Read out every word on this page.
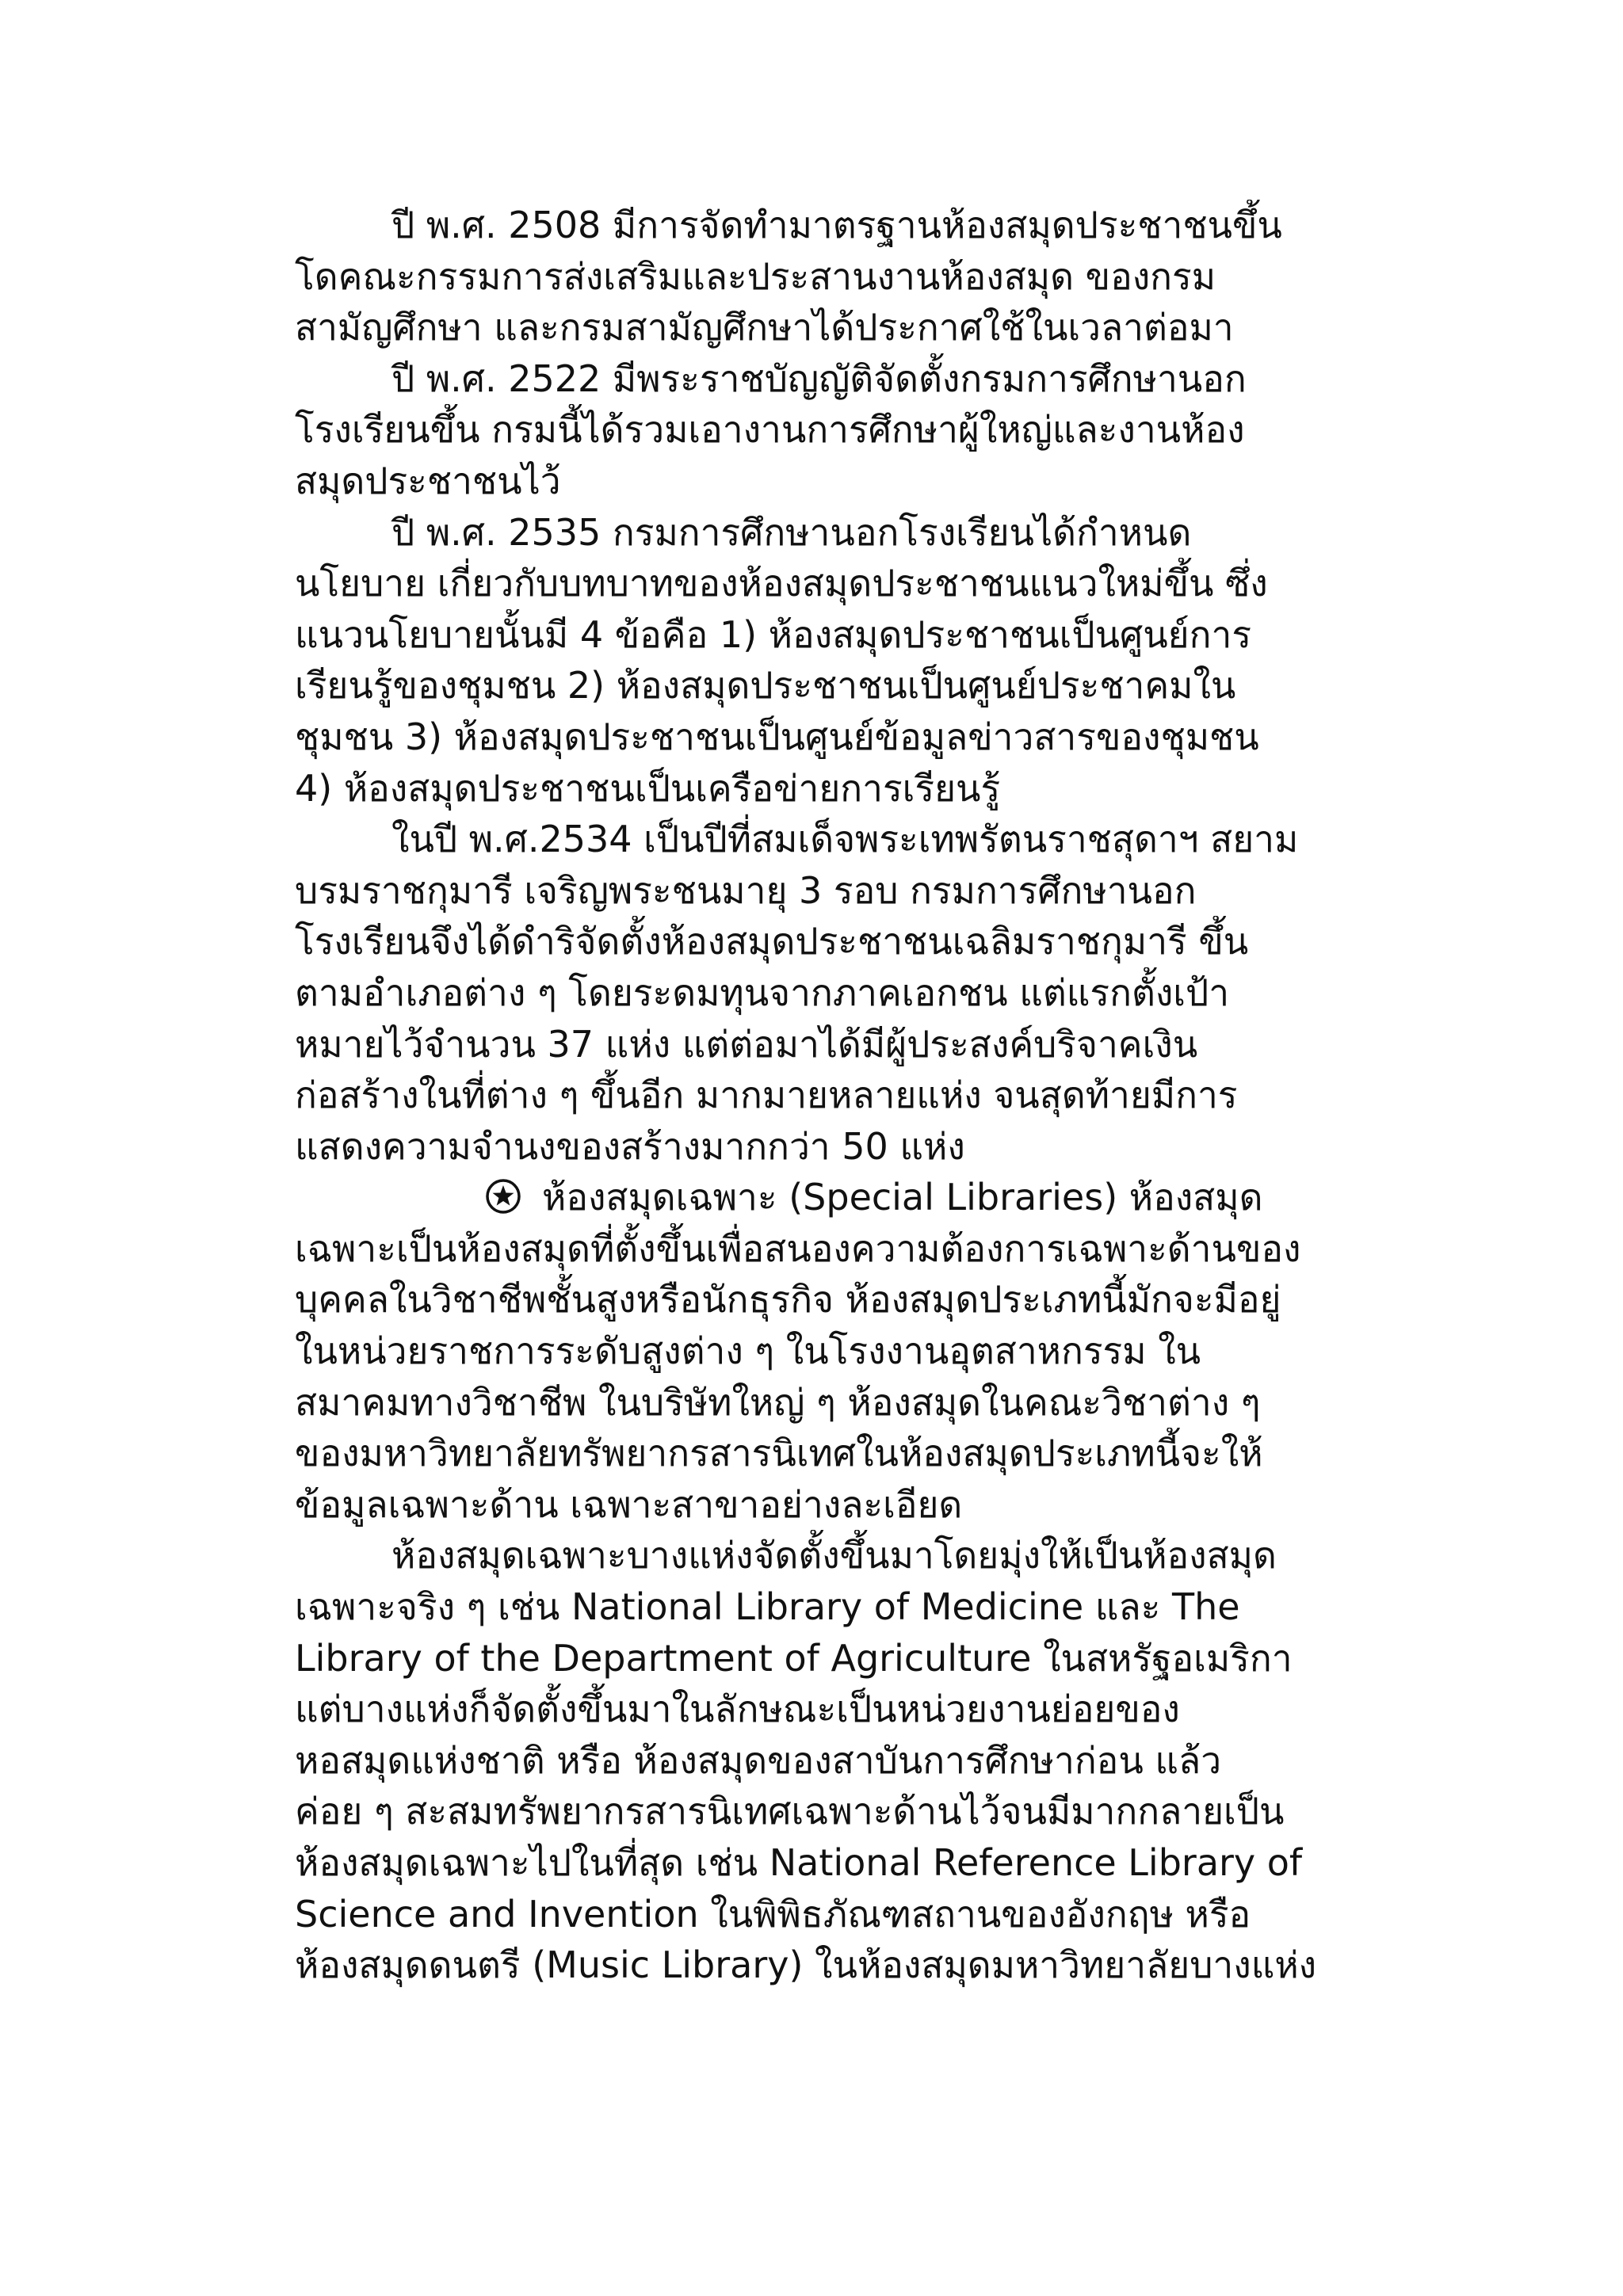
ปี พ.ศ. 2508 มีการจัดทำมาตรฐานห้องสมุดประชาชนขึ้น
โดคณะกรรมการส่งเสริมและประสานงานห้องสมุด ของกรม
สามัญศึกษา และกรมสามัญศึกษาได้ประกาศใช้ในเวลาต่อมา
ปี พ.ศ. 2522 มีพระราชบัญญัติจัดตั้งกรมการศึกษานอก
โรงเรียนขึ้น กรมนี้ได้รวมเอางานการศึกษาผู้ใหญ่และงานห้อง
สมุดประชาชนไว้
ปี พ.ศ. 2535 กรมการศึกษานอกโรงเรียนได้กำหนด
นโยบาย เกี่ยวกับบทบาทของห้องสมุดประชาชนแนวใหม่ขึ้น ซึ่ง
แนวนโยบายนั้นมี 4 ข้อคือ 1) ห้องสมุดประชาชนเป็นศูนย์การ
เรียนรู้ของชุมชน 2) ห้องสมุดประชาชนเป็นศูนย์ประชาคมใน
ชุมชน 3) ห้องสมุดประชาชนเป็นศูนย์ข้อมูลข่าวสารของชุมชน
4) ห้องสมุดประชาชนเป็นเครือข่ายการเรียนรู้
ในปี พ.ศ.2534 เป็นปีที่สมเด็จพระเทพรัตนราชสุดาฯ สยาม
บรมราชกุมารี เจริญพระชนมายุ 3 รอบ กรมการศึกษานอก
โรงเรียนจึงได้ดำริจัดตั้งห้องสมุดประชาชนเฉลิมราชกุมารี ขึ้น
ตามอำเภอต่าง ๆ โดยระดมทุนจากภาคเอกชน แต่แรกตั้งเป้า
หมายไว้จำนวน 37 แห่ง แต่ต่อมาได้มีผู้ประสงค์บริจาคเงิน
ก่อสร้างในที่ต่าง ๆ ขึ้นอีก มากมายหลายแห่ง จนสุดท้ายมีการ
แสดงความจำนงของสร้างมากกว่า 50 แห่ง
ห้องสมุดเฉพาะ (Special Libraries) ห้องสมุด
เฉพาะเป็นห้องสมุดที่ตั้งขึ้นเพื่อสนองความต้องการเฉพาะด้านของ
บุคคลในวิชาชีพชั้นสูงหรือนักธุรกิจ ห้องสมุดประเภทนี้มักจะมีอยู่
ในหน่วยราชการระดับสูงต่าง ๆ ในโรงงานอุตสาหกรรม ใน
สมาคมทางวิชาชีพ ในบริษัทใหญ่ ๆ ห้องสมุดในคณะวิชาต่าง ๆ
ของมหาวิทยาลัยทรัพยากรสารนิเทศในห้องสมุดประเภทนี้จะให้
ข้อมูลเฉพาะด้าน เฉพาะสาขาอย่างละเอียด
ห้องสมุดเฉพาะบางแห่งจัดตั้งขึ้นมาโดยมุ่งให้เป็นห้องสมุด
เฉพาะจริง ๆ เช่น National Library of Medicine และ The
Library of the Department of Agriculture ในสหรัฐอเมริกา
แต่บางแห่งก็จัดตั้งขึ้นมาในลักษณะเป็นหน่วยงานย่อยของ
หอสมุดแห่งชาติ หรือ ห้องสมุดของสาบันการศึกษาก่อน แล้ว
ค่อย ๆ สะสมทรัพยากรสารนิเทศเฉพาะด้านไว้จนมีมากกลายเป็น
ห้องสมุดเฉพาะไปในที่สุด เช่น National Reference Library of
Science and Invention ในพิพิธภัณฑสถานของอังกฤษ หรือ
ห้องสมุดดนตรี (Music Library) ในห้องสมุดมหาวิทยาลัยบางแห่ง
